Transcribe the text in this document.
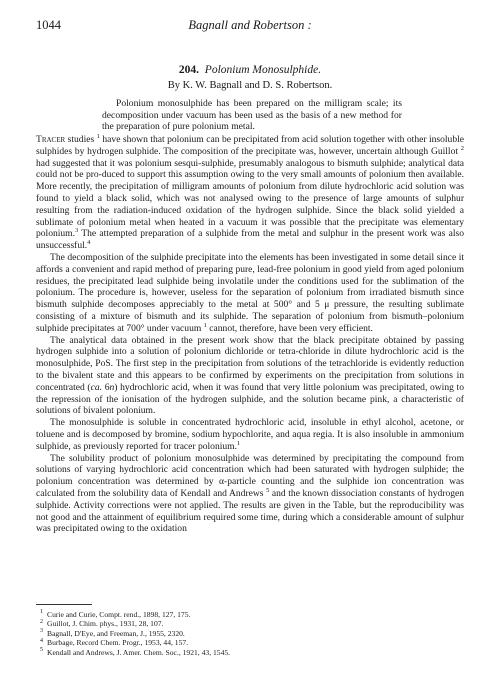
1044	Bagnall and Robertson :
204. Polonium Monosulphide.
By K. W. Bagnall and D. S. Robertson.

Polonium monosulphide has been prepared on the milligram scale; its decomposition under vacuum has been used as the basis of a new method for the preparation of pure polonium metal.

Tracer studies $^1$ have shown that polonium can be precipitated from acid solution together with other insoluble sulphides by hydrogen sulphide. The composition of the precipitate was, however, uncertain although Guillot $^2$ had suggested that it was polonium sesqui-sulphide, presumably analogous to bismuth sulphide; analytical data could not be pro-duced to support this assumption owing to the very small amounts of polonium then available. More recently, the precipitation of milligram amounts of polonium from dilute hydrochloric acid solution was found to yield a black solid, which was not analysed owing to the presence of large amounts of sulphur resulting from the radiation-induced oxidation of the hydrogen sulphide. Since the black solid yielded a sublimate of polonium metal when heated in a vacuum it was possible that the precipitate was elementary polonium.$^3$ The attempted preparation of a sulphide from the metal and sulphur in the present work was also unsuccessful.$^4$

The decomposition of the sulphide precipitate into the elements has been investigated in some detail since it affords a convenient and rapid method of preparing pure, lead-free polonium in good yield from aged polonium residues, the precipitated lead sulphide being involatile under the conditions used for the sublimation of the polonium. The procedure is, however, useless for the separation of polonium from irradiated bismuth since bismuth sulphide decomposes appreciably to the metal at 500° and 5 μ pressure, the resulting sublimate consisting of a mixture of bismuth and its sulphide. The separation of polonium from bismuth–polonium sulphide precipitates at 700° under vacuum $^1$ cannot, therefore, have been very efficient.

The analytical data obtained in the present work show that the black precipitate obtained by passing hydrogen sulphide into a solution of polonium dichloride or tetra-chloride in dilute hydrochloric acid is the monosulphide, PoS. The first step in the precipitation from solutions of the tetrachloride is evidently reduction to the bivalent state and this appears to be confirmed by experiments on the precipitation from solutions in concentrated (ca. 6n) hydrochloric acid, when it was found that very little polonium was precipitated, owing to the repression of the ionisation of the hydrogen sulphide, and the solution became pink, a characteristic of solutions of bivalent polonium.

The monosulphide is soluble in concentrated hydrochloric acid, insoluble in ethyl alcohol, acetone, or toluene and is decomposed by bromine, sodium hypochlorite, and aqua regia. It is also insoluble in ammonium sulphide, as previously reported for tracer polonium.$^1$

The solubility product of polonium monosulphide was determined by precipitating the compound from solutions of varying hydrochloric acid concentration which had been saturated with hydrogen sulphide; the polonium concentration was determined by α-particle counting and the sulphide ion concentration was calculated from the solubility data of Kendall and Andrews $^5$ and the known dissociation constants of hydrogen sulphide. Activity corrections were not applied. The results are given in the Table, but the reproducibility was not good and the attainment of equilibrium required some time, during which a considerable amount of sulphur was precipitated owing to the oxidation

$^1$ Curie and Curie, Compt. rend., 1898, 127, 175.
$^2$ Guillot, J. Chim. phys., 1931, 28, 107.
$^3$ Bagnall, D'Eye, and Freeman, J., 1955, 2320.
$^4$ Burbage, Record Chem. Progr., 1953, 44, 157.
$^5$ Kendall and Andrews, J. Amer. Chem. Soc., 1921, 43, 1545.
